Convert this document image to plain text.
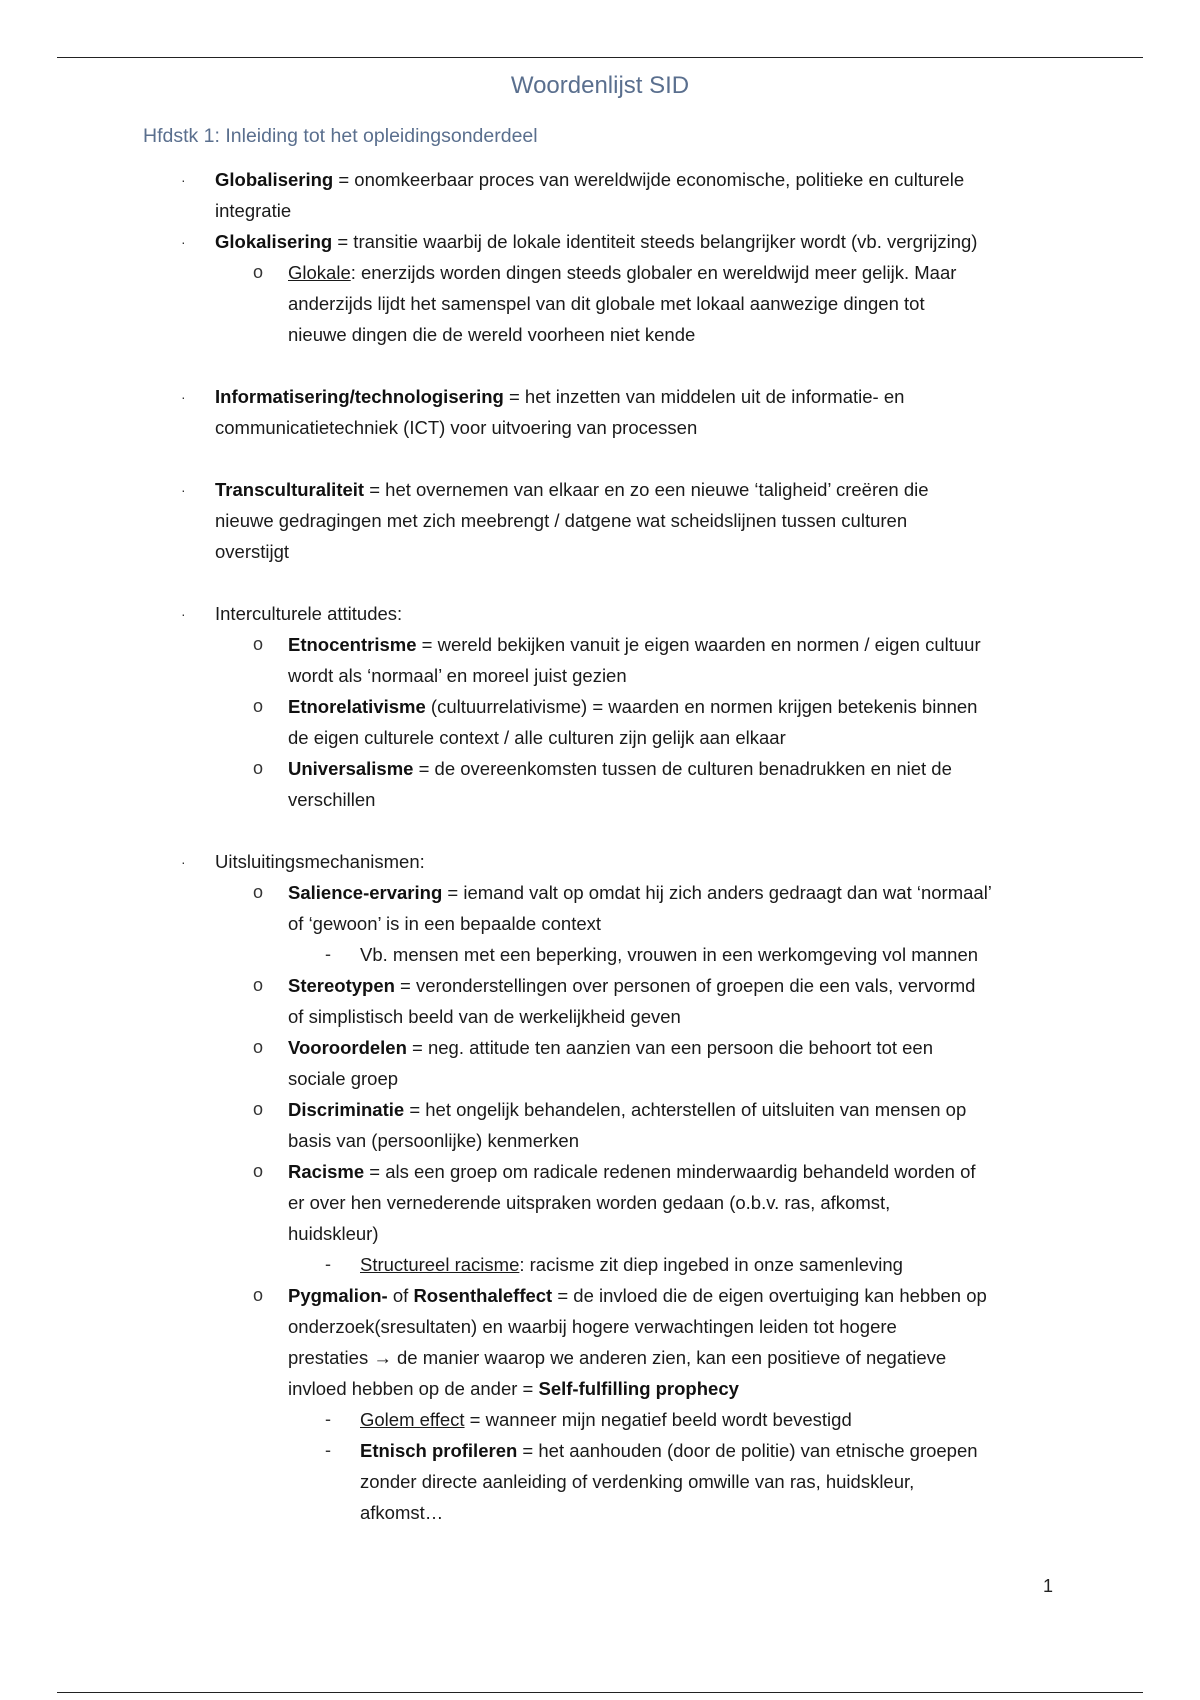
Woordenlijst SID
Hfdstk 1: Inleiding tot het opleidingsonderdeel
· Globalisering = onomkeerbaar proces van wereldwijde economische, politieke en culturele
integratie
· Glokalisering = transitie waarbij de lokale identiteit steeds belangrijker wordt (vb. vergrijzing)
o Glokale: enerzijds worden dingen steeds globaler en wereldwijd meer gelijk. Maar
anderzijds lijdt het samenspel van dit globale met lokaal aanwezige dingen tot
nieuwe dingen die de wereld voorheen niet kende
· Informatisering/technologisering = het inzetten van middelen uit de informatie- en
communicatietechniek (ICT) voor uitvoering van processen
· Transculturaliteit = het overnemen van elkaar en zo een nieuwe ‘taligheid’ creëren die
nieuwe gedragingen met zich meebrengt / datgene wat scheidslijnen tussen culturen
overstijgt
· Interculturele attitudes:
o Etnocentrisme = wereld bekijken vanuit je eigen waarden en normen / eigen cultuur
wordt als ‘normaal’ en moreel juist gezien
o Etnorelativisme (cultuurrelativisme) = waarden en normen krijgen betekenis binnen
de eigen culturele context / alle culturen zijn gelijk aan elkaar
o Universalisme = de overeenkomsten tussen de culturen benadrukken en niet de
verschillen
· Uitsluitingsmechanismen:
o Salience-ervaring = iemand valt op omdat hij zich anders gedraagt dan wat ‘normaal’
of ‘gewoon’ is in een bepaalde context
- Vb. mensen met een beperking, vrouwen in een werkomgeving vol mannen
o Stereotypen = veronderstellingen over personen of groepen die een vals, vervormd
of simplistisch beeld van de werkelijkheid geven
o Vooroordelen = neg. attitude ten aanzien van een persoon die behoort tot een
sociale groep
o Discriminatie = het ongelijk behandelen, achterstellen of uitsluiten van mensen op
basis van (persoonlijke) kenmerken
o Racisme = als een groep om radicale redenen minderwaardig behandeld worden of
er over hen vernederende uitspraken worden gedaan (o.b.v. ras, afkomst,
huidskleur)
- Structureel racisme: racisme zit diep ingebed in onze samenleving
o Pygmalion- of Rosenthaleffect = de invloed die de eigen overtuiging kan hebben op
onderzoek(sresultaten) en waarbij hogere verwachtingen leiden tot hogere
prestaties → de manier waarop we anderen zien, kan een positieve of negatieve
invloed hebben op de ander = Self-fulfilling prophecy
- Golem effect = wanneer mijn negatief beeld wordt bevestigd
- Etnisch profileren = het aanhouden (door de politie) van etnische groepen
zonder directe aanleiding of verdenking omwille van ras, huidskleur,
afkomst…
1
